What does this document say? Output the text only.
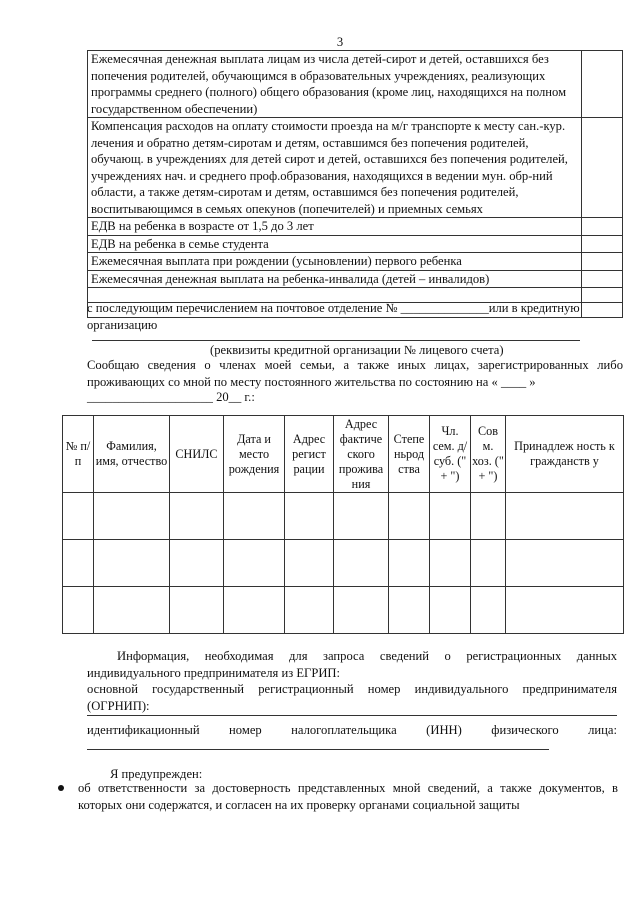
3
Ежемесячная денежная выплата лицам из числа детей-сирот и детей, оставшихся без попечения родителей, обучающимся в образовательных учреждениях, реализующих программы среднего (полного) общего образования (кроме лиц, находящихся на полном государственном обеспечении)	
Компенсация расходов на оплату стоимости проезда на м/г транспорте к месту сан.-кур. лечения и обратно детям-сиротам и детям, оставшимся без попечения родителей, обучающ. в учреждениях для детей сирот и детей, оставшихся без попечения родителей, учреждениях нач. и среднего проф.образования, находящихся в ведении мун. обр-ний области, а также детям-сиротам и детям, оставшимся без попечения родителей, воспитывающимся в семьях опекунов (попечителей) и приемных семьях	
ЕДВ на ребенка в возрасте от 1,5 до 3 лет	
ЕДВ на ребенка в семье студента	
Ежемесячная выплата при рождении (усыновлении) первого ребенка	
Ежемесячная денежная выплата на ребенка-инвалида (детей – инвалидов)	

с последующим перечислением на почтовое отделение № ______________или в кредитную организацию
(реквизиты кредитной организации № лицевого счета)
Сообщаю сведения о членах моей семьи, а также иных лицах, зарегистрированных либо проживающих со мной по месту постоянного жительства по состоянию на « ____ »
____________________ 20__ г.:
№ п/п	Фамилия, имя, отчество	СНИЛС	Дата и место рождения	Адрес регист рации	Адрес фактиче ского прожива ния	Степе ньрод ства	Чл. сем. д/суб. (" + ")	Сов м. хоз. (" + ")	Принадлеж ность к гражданств у

Информация, необходимая для запроса сведений о регистрационных данных индивидуального предпринимателя из ЕГРИП:
основной государственный регистрационный номер индивидуального предпринимателя (ОГРНИП):
идентификационный номер налогоплательщика (ИНН) физического лица:
Я предупрежден:
об ответственности за достоверность представленных мной сведений, а также документов, в которых они содержатся, и согласен на их проверку органами социальной защиты
